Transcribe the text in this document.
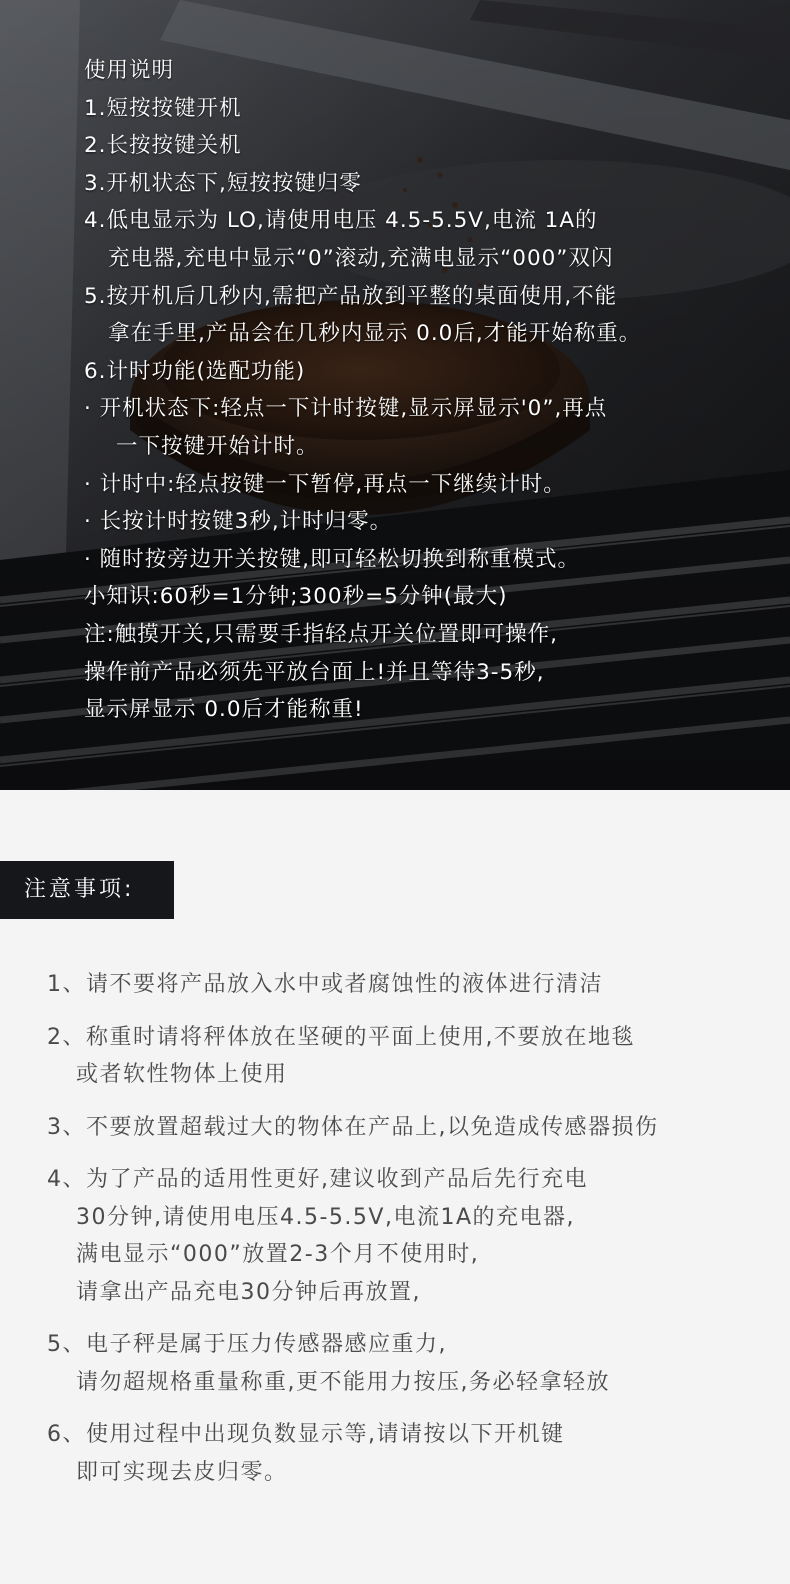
使用说明
1.短按按键开机
2.长按按键关机
3.开机状态下,短按按键归零
4.低电显示为 LO,请使用电压 4.5-5.5V,电流 1A的
充电器,充电中显示“0”滚动,充满电显示“000”双闪
5.按开机后几秒内,需把产品放到平整的桌面使用,不能
拿在手里,产品会在几秒内显示 0.0后,才能开始称重。
6.计时功能(选配功能)
· 开机状态下:轻点一下计时按键,显示屏显示'0”,再点
一下按键开始计时。
· 计时中:轻点按键一下暂停,再点一下继续计时。
· 长按计时按键3秒,计时归零。
· 随时按旁边开关按键,即可轻松切换到称重模式。
小知识:60秒=1分钟;300秒=5分钟(最大)
注:触摸开关,只需要手指轻点开关位置即可操作,
操作前产品必须先平放台面上!并且等待3-5秒,
显示屏显示 0.0后才能称重!
注意事项:
1、请不要将产品放入水中或者腐蚀性的液体进行清洁
2、称重时请将秤体放在坚硬的平面上使用,不要放在地毯
或者软性物体上使用
3、不要放置超载过大的物体在产品上,以免造成传感器损伤
4、为了产品的适用性更好,建议收到产品后先行充电
30分钟,请使用电压4.5-5.5V,电流1A的充电器,
满电显示“000”放置2-3个月不使用时,
请拿出产品充电30分钟后再放置,
5、电子秤是属于压力传感器感应重力,
请勿超规格重量称重,更不能用力按压,务必轻拿轻放
6、使用过程中出现负数显示等,请请按以下开机键
即可实现去皮归零。
